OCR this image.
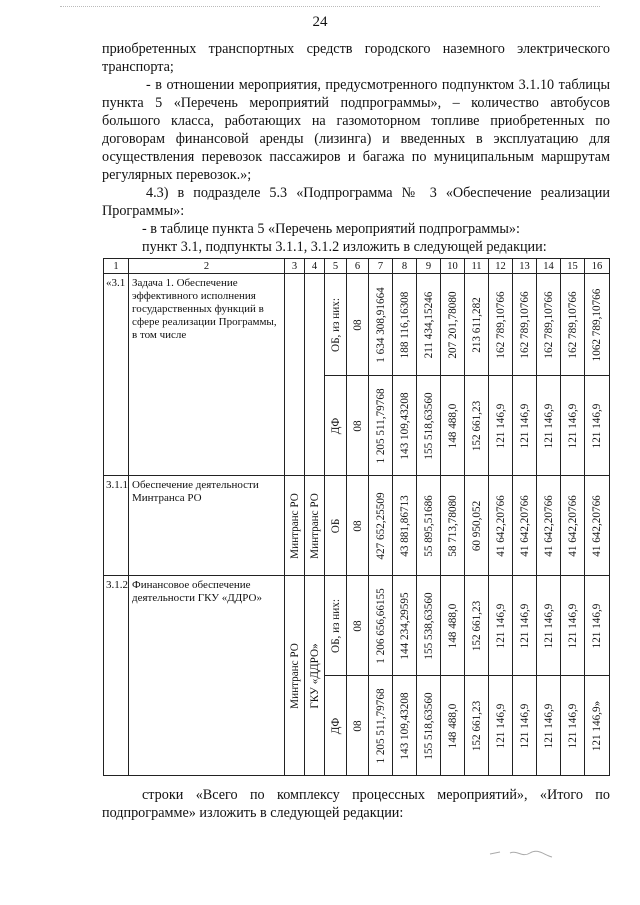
24

приобретенных транспортных средств городского наземного электрического транспорта;

- в отношении мероприятия, предусмотренного подпунктом 3.1.10 таблицы пункта 5 «Перечень мероприятий подпрограммы», – количество автобусов большого класса, работающих на газомоторном топливе приобретенных по договорам финансовой аренды (лизинга) и введенных в эксплуатацию для осуществления перевозок пассажиров и багажа по муниципальным маршрутам регулярных перевозок.»;

4.3) в подразделе 5.3 «Подпрограмма № 3 «Обеспечение реализации Программы»:

- в таблице пункта 5 «Перечень мероприятий подпрограммы»:

пункт 3.1, подпункты 3.1.1, 3.1.2 изложить в следующей редакции:

1	2	3	4	5	6	7	8	9	10	11	12	13	14	15	16
«3.1	Задача 1. Обеспечение эффективного исполнения государственных функций в сфере реализации Программы, в том числе			ОБ, из них:	08	1 634 308,91664	188 116,16308	211 434,15246	207 201,78080	213 611,282	162 789,10766	162 789,10766	162 789,10766	162 789,10766	1062 789,10766

				ДФ	08	1 205 511,79768	143 109,43208	155 518,63560	148 488,0	152 661,23	121 146,9	121 146,9	121 146,9	121 146,9	121 146,9

3.1.1	Обеспечение деятельности Минтранса РО	Минтранс РО	Минтранс РО	ОБ	08	427 652,25509	43 881,86713	55 895,51686	58 713,78080	60 950,052	41 642,20766	41 642,20766	41 642,20766	41 642,20766	41 642,20766

3.1.2	Финансовое обеспечение деятельности ГКУ «ДДРО»	Минтранс РО	ГКУ «ДДРО»	ОБ, из них:	08	1 206 656,66155	144 234,29595	155 538,63560	148 488,0	152 661,23	121 146,9	121 146,9	121 146,9	121 146,9	121 146,9

				ДФ	08	1 205 511,79768	143 109,43208	155 518,63560	148 488,0	152 661,23	121 146,9	121 146,9	121 146,9	121 146,9	121 146,9»

строки «Всего по комплексу процессных мероприятий», «Итого по подпрограмме» изложить в следующей редакции:
